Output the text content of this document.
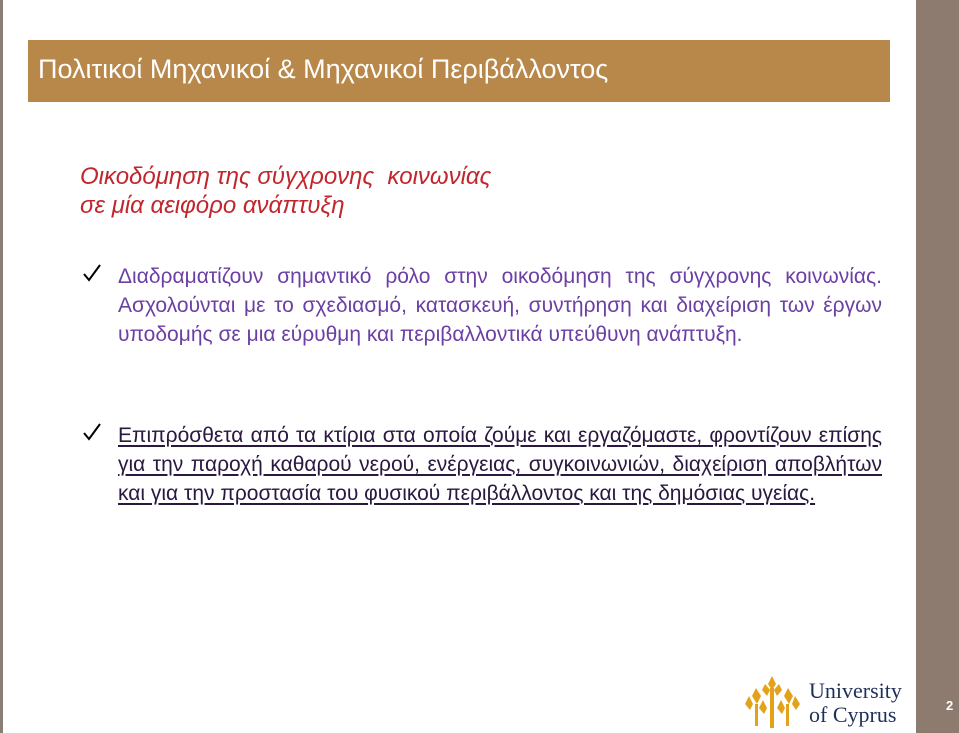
Πολιτικοί Μηχανικοί & Μηχανικοί Περιβάλλοντος
Οικοδόμηση της σύγχρονης  κοινωνίας
σε μία αειφόρο ανάπτυξη
Διαδραματίζουν σημαντικό ρόλο στην οικοδόμηση της σύγχρονης κοινωνίας. Ασχολούνται με το σχεδιασμό, κατασκευή, συντήρηση και διαχείριση των έργων υποδομής σε μια εύρυθμη και περιβαλλοντικά υπεύθυνη ανάπτυξη.
Επιπρόσθετα από τα κτίρια στα οποία ζούμε και εργαζόμαστε, φροντίζουν επίσης για την παροχή καθαρού νερού, ενέργειας, συγκοινωνιών, διαχείριση αποβλήτων και για την προστασία του φυσικού περιβάλλοντος και της δημόσιας υγείας.
University
of Cyprus	2
